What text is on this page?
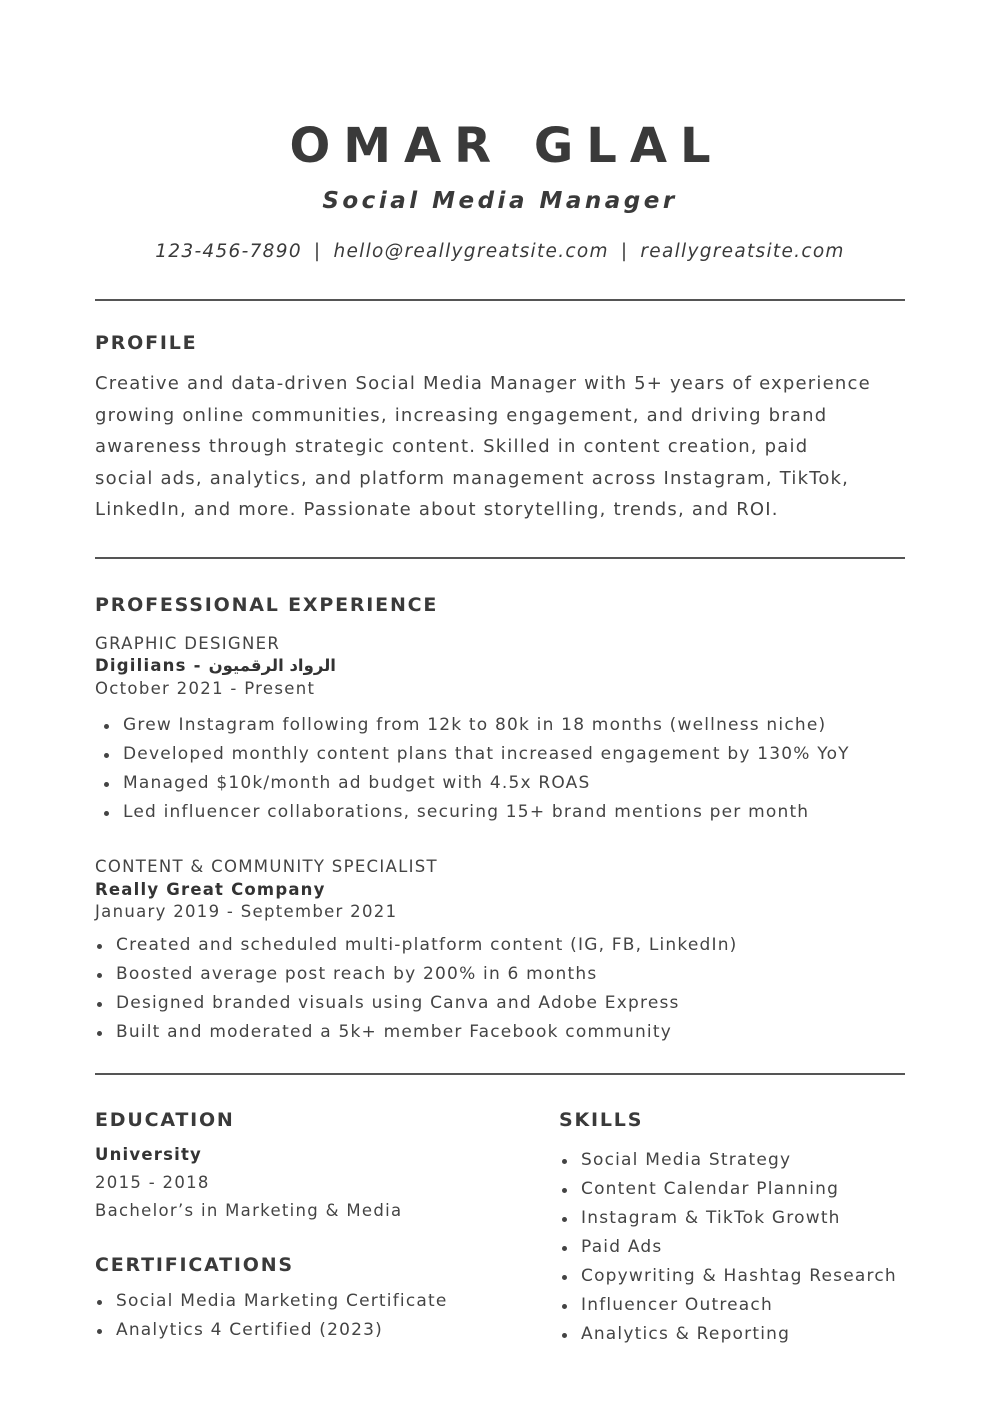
OMAR GLAL
Social Media Manager
123-456-7890 | hello@reallygreatsite.com | reallygreatsite.com
PROFILE
Creative and data-driven Social Media Manager with 5+ years of experience
growing online communities, increasing engagement, and driving brand
awareness through strategic content. Skilled in content creation, paid
social ads, analytics, and platform management across Instagram, TikTok,
LinkedIn, and more. Passionate about storytelling, trends, and ROI.
PROFESSIONAL EXPERIENCE
GRAPHIC DESIGNER
Digilians - الرواد الرقميون
October 2021 - Present
Grew Instagram following from 12k to 80k in 18 months (wellness niche)
Developed monthly content plans that increased engagement by 130% YoY
Managed $10k/month ad budget with 4.5x ROAS
Led influencer collaborations, securing 15+ brand mentions per month
CONTENT & COMMUNITY SPECIALIST
Really Great Company
January 2019 - September 2021
Created and scheduled multi-platform content (IG, FB, LinkedIn)
Boosted average post reach by 200% in 6 months
Designed branded visuals using Canva and Adobe Express
Built and moderated a 5k+ member Facebook community
EDUCATION
University
2015 - 2018
Bachelor’s in Marketing & Media
CERTIFICATIONS
Social Media Marketing Certificate
Analytics 4 Certified (2023)
SKILLS
Social Media Strategy
Content Calendar Planning
Instagram & TikTok Growth
Paid Ads
Copywriting & Hashtag Research
Influencer Outreach
Analytics & Reporting
